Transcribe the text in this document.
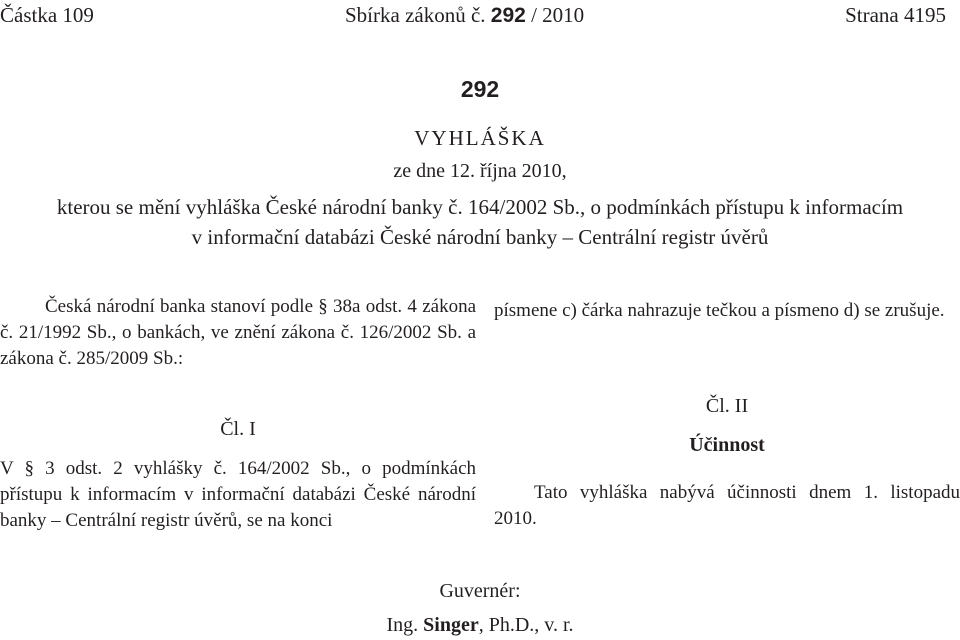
Částka 109	Sbírka zákonů č. 292 / 2010	Strana 4195
292
VYHLÁŠKA
ze dne 12. října 2010,
kterou se mění vyhláška České národní banky č. 164/2002 Sb., o podmínkách přístupu k informacím
v informační databázi České národní banky – Centrální registr úvěrů
Česká národní banka stanoví podle § 38a odst. 4 zákona č. 21/1992 Sb., o bankách, ve znění zákona č. 126/2002 Sb. a zákona č. 285/2009 Sb.:
Čl. I
V § 3 odst. 2 vyhlášky č. 164/2002 Sb., o podmínkách přístupu k informacím v informační databázi České národní banky – Centrální registr úvěrů, se na konci
písmene c) čárka nahrazuje tečkou a písmeno d) se zrušuje.
Čl. II
Účinnost
Tato vyhláška nabývá účinnosti dnem 1. listopadu 2010.
Guvernér:
Ing. Singer, Ph.D., v. r.
